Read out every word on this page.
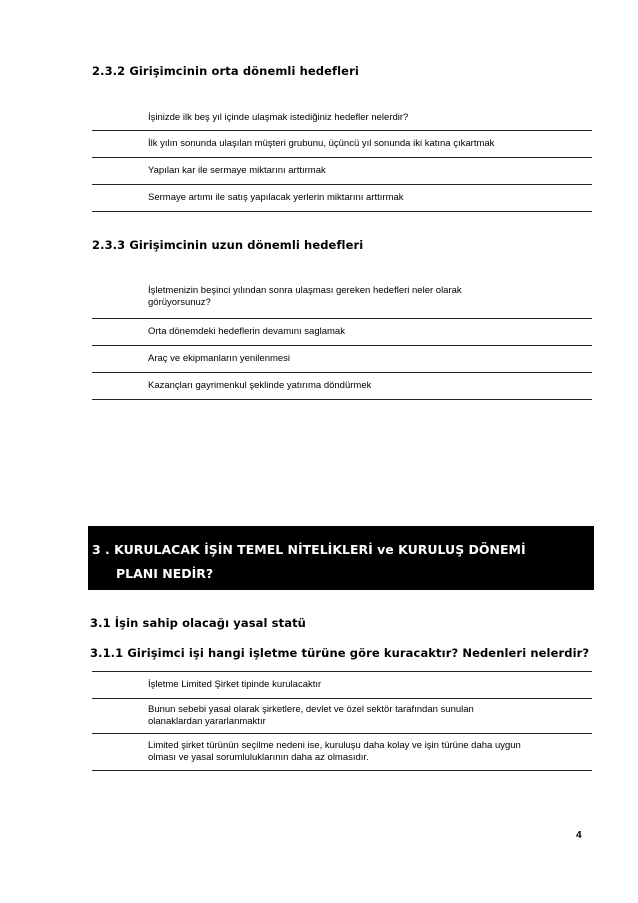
2.3.2 Girişimcinin orta dönemli hedefleri
İşinizde ilk beş yıl içinde ulaşmak istediğiniz hedefler nelerdir?
İlk yılın sonunda ulaşılan müşteri grubunu, üçüncü yıl sonunda iki katına çıkartmak
Yapılan kar ile sermaye miktarını arttırmak
Sermaye artımı ile satış yapılacak yerlerin miktarını arttırmak
2.3.3 Girişimcinin uzun dönemli hedefleri
İşletmenizin beşinci yılından sonra ulaşması gereken hedefleri neler olarak
görüyorsunuz?
Orta dönemdeki hedeflerin devamını saglamak
Araç ve ekipmanların yenilenmesi
Kazançları gayrimenkul şeklinde yatırıma döndürmek
3 . KURULACAK İŞİN TEMEL NİTELİKLERİ ve KURULUŞ DÖNEMİ
PLANI NEDİR?
3.1 İşin sahip olacağı yasal statü
3.1.1 Girişimci işi hangi işletme türüne göre kuracaktır? Nedenleri nelerdir?
İşletme Limited Şirket tipinde kurulacaktır
Bunun sebebi yasal olarak şirketlere, devlet ve özel sektör tarafından sunulan
olanaklardan yararlanmaktır
Limited şirket türünün seçilme nedeni ise, kuruluşu daha kolay ve işin türüne daha uygun
olması ve yasal sorumluluklarının daha az olmasıdır.
4
